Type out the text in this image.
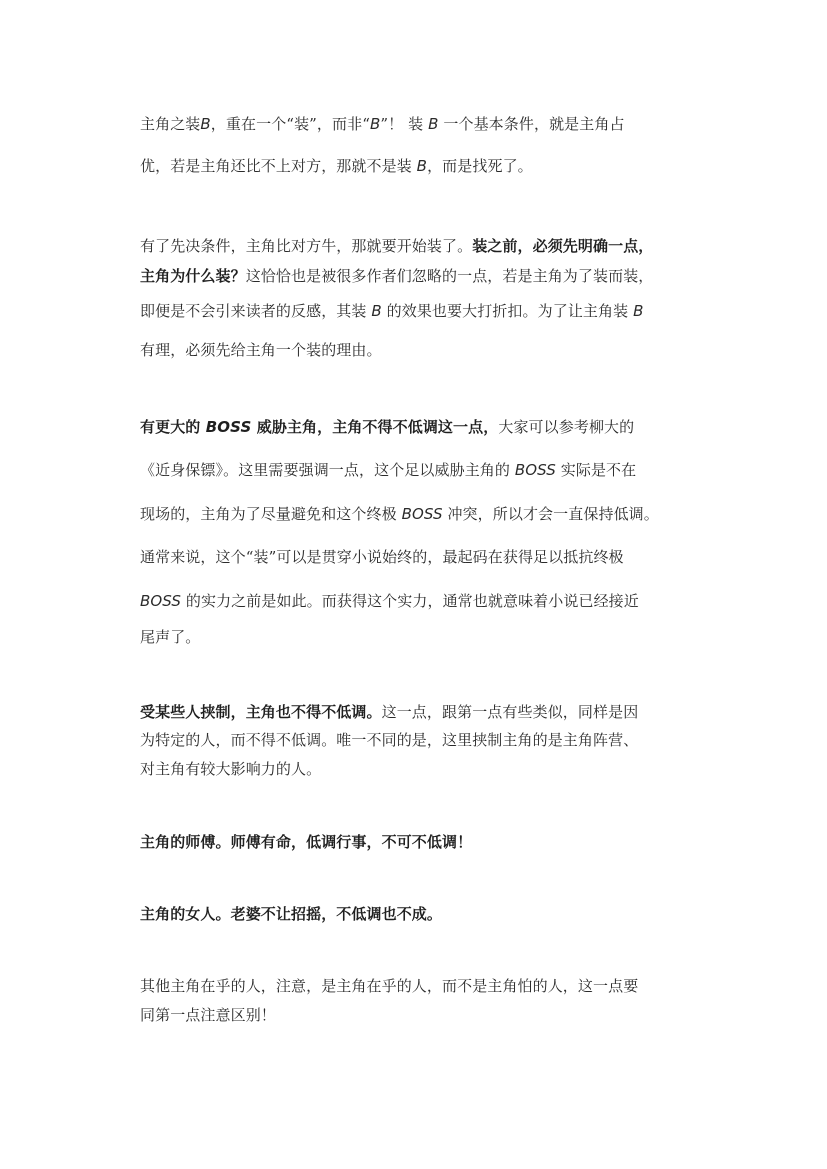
主角之装B，重在一个“装”，而非“B”！ 装 B 一个基本条件，就是主角占
优，若是主角还比不上对方，那就不是装 B，而是找死了。
有了先决条件，主角比对方牛，那就要开始装了。装之前，必须先明确一点，
主角为什么装？这恰恰也是被很多作者们忽略的一点，若是主角为了装而装，
即便是不会引来读者的反感，其装 B 的效果也要大打折扣。为了让主角装 B
有理，必须先给主角一个装的理由。
有更大的 BOSS 威胁主角，主角不得不低调这一点，大家可以参考柳大的
《近身保镖》。这里需要强调一点，这个足以威胁主角的 BOSS 实际是不在
现场的，主角为了尽量避免和这个终极 BOSS 冲突，所以才会一直保持低调。
通常来说，这个“装”可以是贯穿小说始终的，最起码在获得足以抵抗终极
BOSS 的实力之前是如此。而获得这个实力，通常也就意味着小说已经接近
尾声了。
受某些人挟制，主角也不得不低调。这一点，跟第一点有些类似，同样是因
为特定的人，而不得不低调。唯一不同的是，这里挟制主角的是主角阵营、
对主角有较大影响力的人。
主角的师傅。师傅有命，低调行事，不可不低调！
主角的女人。老婆不让招摇，不低调也不成。
其他主角在乎的人，注意，是主角在乎的人，而不是主角怕的人，这一点要
同第一点注意区别！
